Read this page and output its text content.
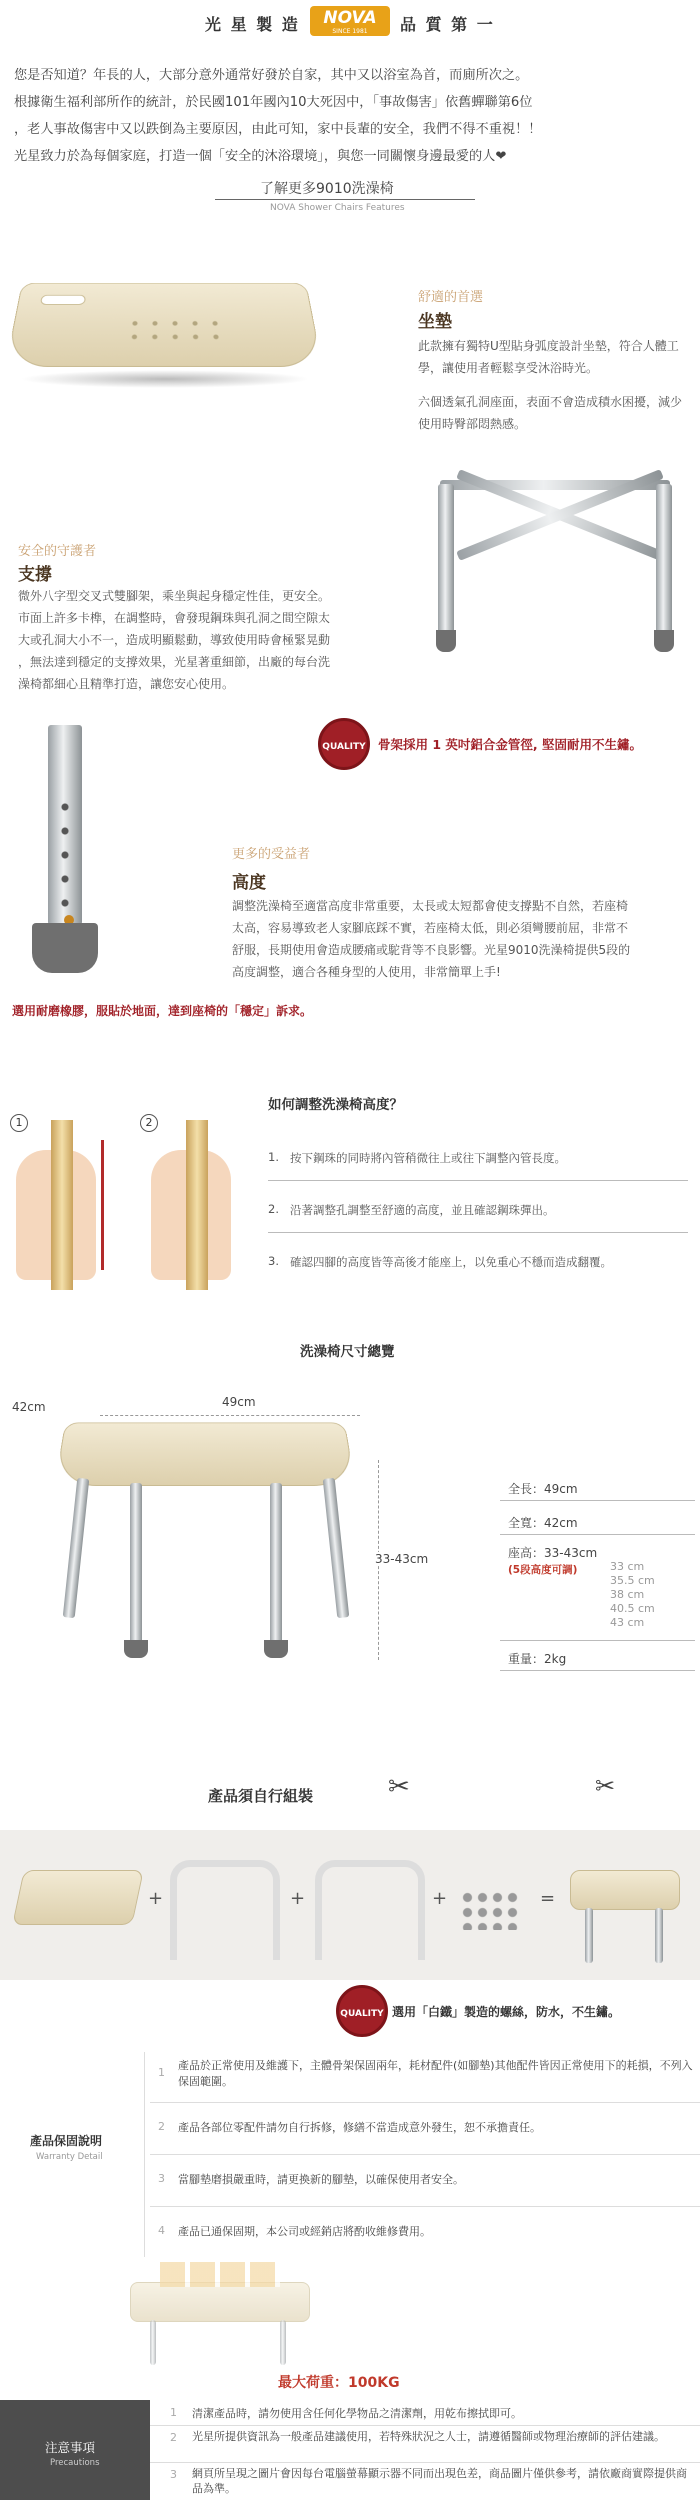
光 星 製 造	NOVA
SINCE 1981	品 質 第 一
您是否知道？年長的人，大部分意外通常好發於自家，其中又以浴室為首，而廁所次之。
根據衛生福利部所作的統計，於民國101年國內10大死因中，「事故傷害」依舊蟬聯第6位
，老人事故傷害中又以跌倒為主要原因，由此可知，家中長輩的安全，我們不得不重視！！
光星致力於為每個家庭，打造一個「安全的沐浴環境」，與您一同關懷身邊最愛的人❤
了解更多9010洗澡椅
NOVA Shower Chairs Features
舒適的首選
坐墊
此款擁有獨特U型貼身弧度設計坐墊，符合人體工學，讓使用者輕鬆享受沐浴時光。
六個透氣孔洞座面，表面不會造成積水困擾，減少使用時臀部悶熱感。
安全的守護者
支撐
微外八字型交叉式雙腳架，乘坐與起身穩定性佳，更安全。
市面上許多卡榫，在調整時，會發現鋼珠與孔洞之間空隙太
大或孔洞大小不一，造成明顯鬆動，導致使用時會極緊晃動
，無法達到穩定的支撐效果，光星著重細節，出廠的每台洗
澡椅都細心且精準打造，讓您安心使用。
QUALITY 骨架採用 1 英吋鋁合金管徑, 堅固耐用不生鏽。
更多的受益者
高度
調整洗澡椅至適當高度非常重要，太長或太短都會使支撐點不自然，若座椅
太高，容易導致老人家腳底踩不實，若座椅太低，則必須彎腰前屈，非常不
舒服，長期使用會造成腰痛或駝背等不良影響。光星9010洗澡椅提供5段的
高度調整，適合各種身型的人使用，非常簡單上手!
選用耐磨橡膠，服貼於地面，達到座椅的「穩定」訴求。
如何調整洗澡椅高度？
1	2
1. 按下鋼珠的同時將內管稍微往上或往下調整內管長度。
2. 沿著調整孔調整至舒適的高度，並且確認鋼珠彈出。
3. 確認四腳的高度皆等高後才能座上，以免重心不穩而造成翻覆。
洗澡椅尺寸總覽
42cm	49cm
33-43cm
全長：49cm
全寬：42cm
座高：33-43cm
(5段高度可調)	33 cm
35.5 cm
38 cm
40.5 cm
43 cm
重量：2kg
產品須自行組裝	✂	✂
+	+	+	=
QUALITY 選用「白鐵」製造的螺絲，防水，不生鏽。
產品保固說明
Warranty Detail
1
產品於正常使用及維護下，主體骨架保固兩年，耗材配件(如腳墊)其他配件皆因正常使用下的耗損，不列入保固範圍。
2 產品各部位零配件請勿自行拆修，修繕不當造成意外發生，恕不承擔責任。
3 當腳墊磨損嚴重時，請更換新的腳墊，以確保使用者安全。
4 產品已通保固期，本公司或經銷店將酌收維修費用。
最大荷重：100KG
注意事項
Precautions
1 清潔產品時，請勿使用含任何化學物品之清潔劑，用乾布擦拭即可。
2 光星所提供資訊為一般產品建議使用，若特殊狀況之人士，請遵循醫師或物理治療師的評估建議。
3 網頁所呈現之圖片會因每台電腦螢幕顯示器不同而出現色差，商品圖片僅供參考，請依廠商實際提供商品為準。
